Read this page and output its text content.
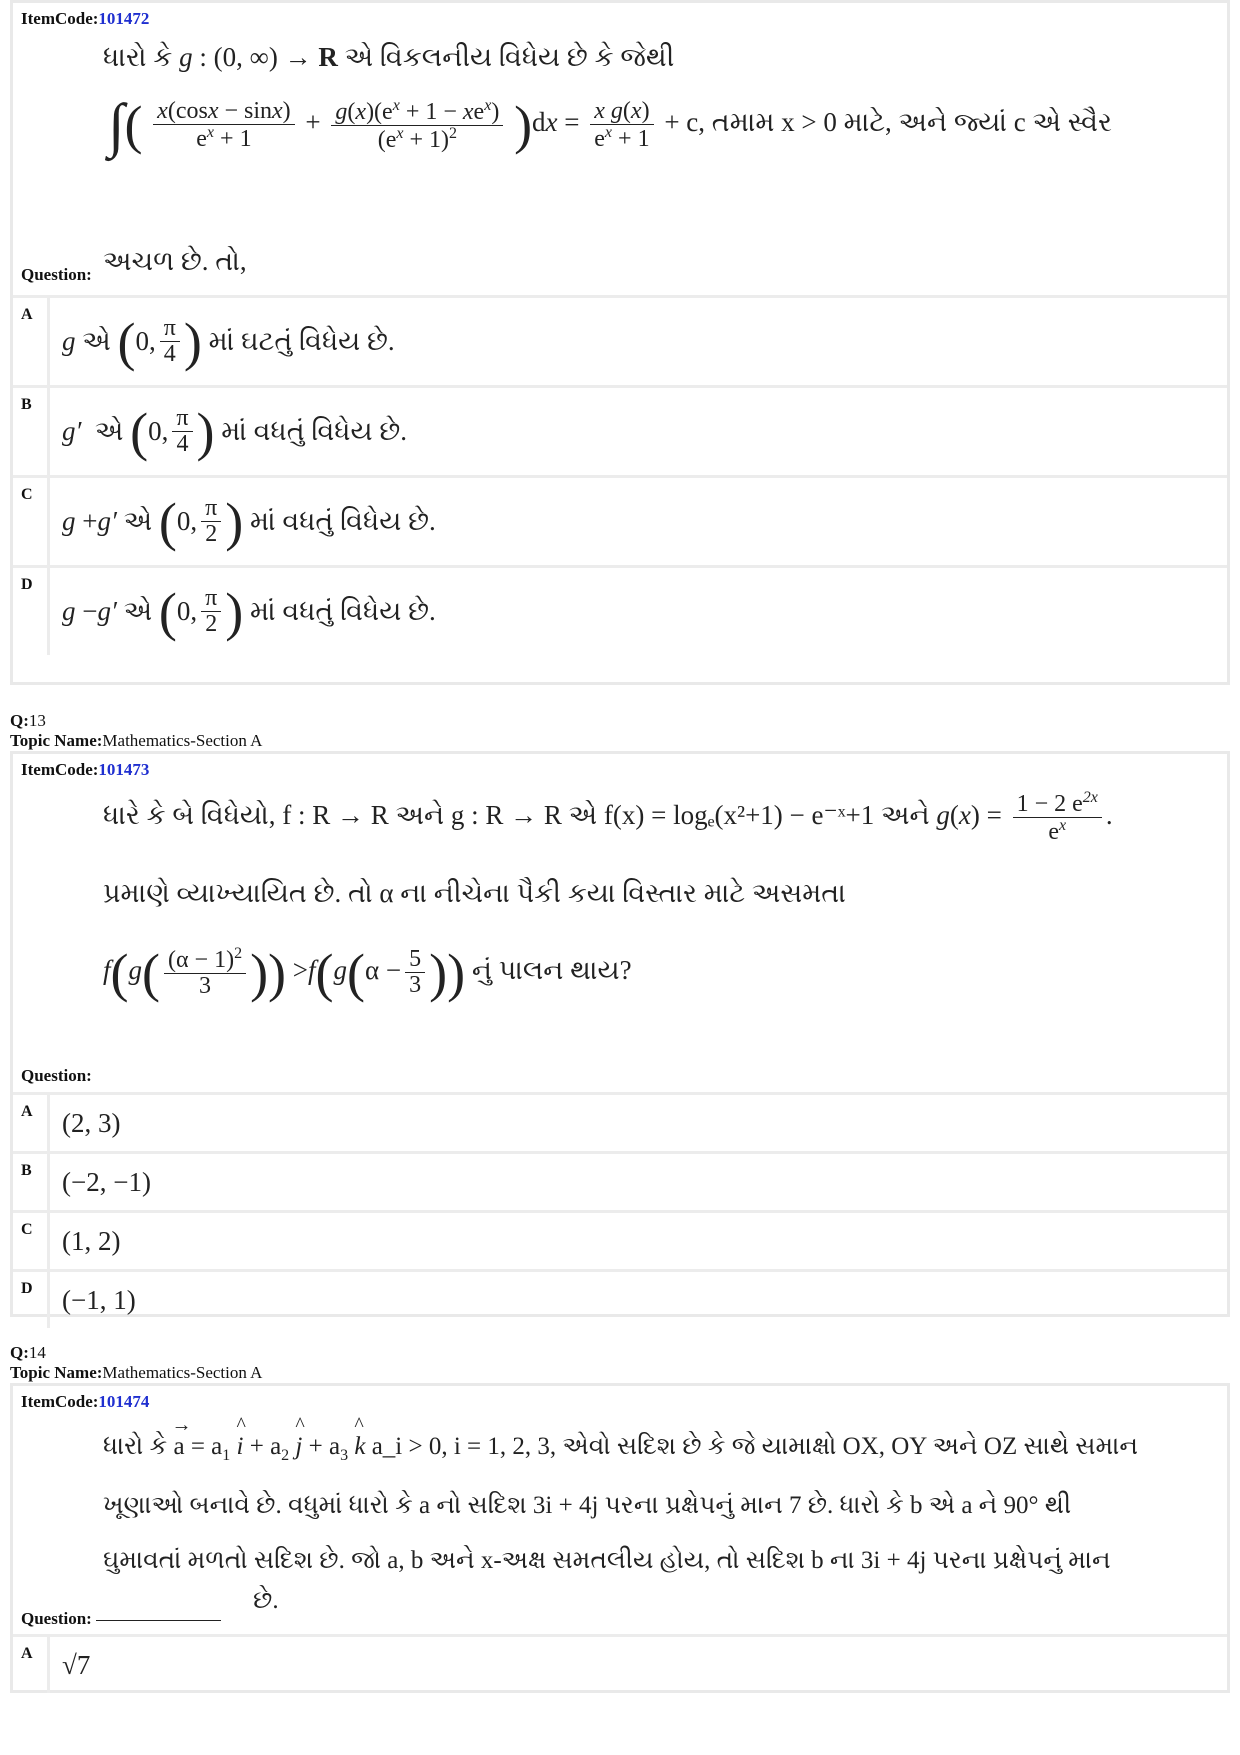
ItemCode:101472
ધારો કે g : (0, ∞) → R એ વિકલનીય વિધેય છે કે જેથી
∫( $\frac{x(\cos x - \sin x)}{e^x + 1} + \frac{g(x)(e^x + 1 - xe^x)}{(e^x + 1)^2} )dx = \frac{\text{x g(x)}}{e^x + 1} + c$, તમામ x > 0 માટે, અને જ્યાં c એ સ્વૈર
Question: અચળ છે. તો,
A
g એ ( 0, $\frac{\pi}{4}$ )
માં ઘટતું વિધેય છે.
B
g′ એ ( 0, $\frac{\pi}{4}$ )
માં વધતું વિધેય છે.
C
g + g′ એ ( 0, $\frac{\pi}{2}$ )
માં વધતું વિધેય છે.
D
g − g′ એ ( 0, $\frac{\pi}{2}$ )
માં વધતું વિધેય છે.

Q:13

Topic Name:Mathematics-Section A

ItemCode:101473
ધારે કે બે વિધેયો, f : R → R અને g : R → R એ f(x) = logₑ(x²+1) − e⁻ˣ+1 અને $g(x) = \frac{1 - 2 e^{2x}}{e^x}$ .
પ્રમાણે વ્યાખ્યાયિત છે. તો α ના નીચેના પૈકી કયા વિસ્તાર માટે અસમતા
$f(g( \frac{(\alpha - 1)^2}{3}$ )) $>f(g(\alpha - \frac{5}{3}$ )) નું પાલન થાય?
Question:
A	(2, 3)
B	(−2, −1)
C	(1, 2)
D	(−1, 1)

Q:14

Topic Name:Mathematics-Section A

ItemCode:101474
ધારો કે → $a = a_1$ ^ $i + a_2$ ^ $j + a_3$ ^ k a_i > 0, i = 1, 2, 3, એવો સદિશ છે કે જે યામાક્ષો OX, OY અને OZ સાથે સમાન
ખૂણાઓ બનાવે છે. વધુમાં ધારો કે a નો સદિશ 3i + 4j પરના પ્રક્ષેપનું માન 7 છે. ધારો કે b એ a ને 90° થી
ઘુમાવતાં મળતો સદિશ છે. જો a, b અને x-અક્ષ સમતલીય હોય, તો સદિશ b ના 3i + 4j પરના પ્રક્ષેપનું માન
Question:
છે.
A	√7
